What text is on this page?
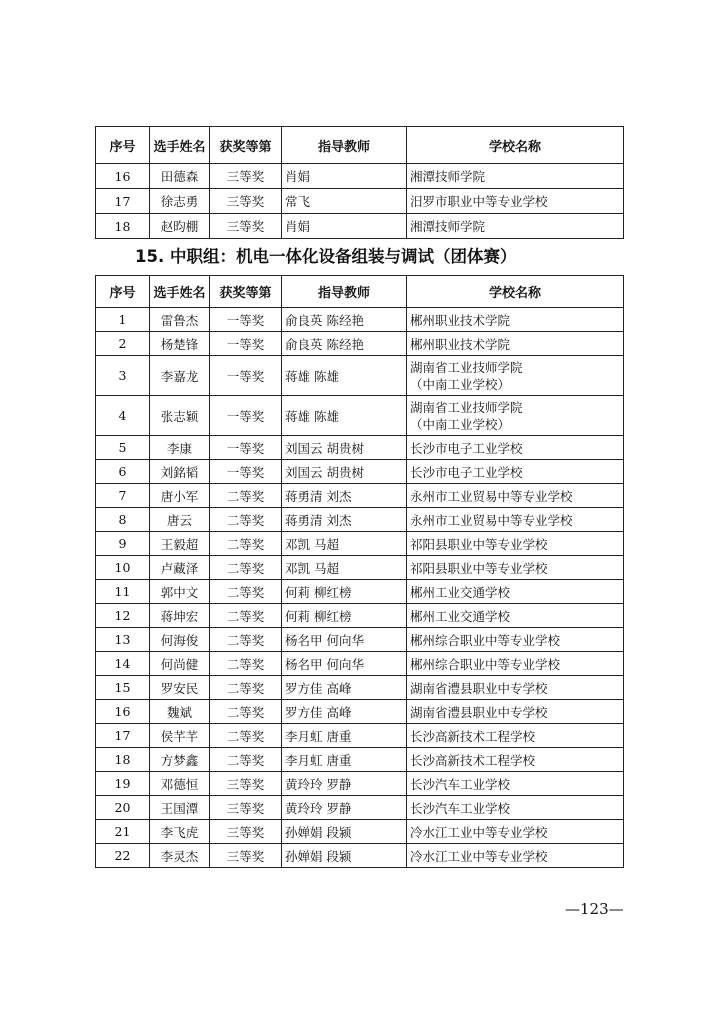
序号	选手姓名	获奖等第	指导教师	学校名称
16	田德森	三等奖	肖娟	湘潭技师学院
17	徐志勇	三等奖	常飞	汨罗市职业中等专业学校
18	赵昀棚	三等奖	肖娟	湘潭技师学院
15. 中职组：机电一体化设备组装与调试（团体赛）
序号	选手姓名	获奖等第	指导教师	学校名称
1	雷鲁杰	一等奖	俞良英 陈经艳	郴州职业技术学院
2	杨楚锋	一等奖	俞良英 陈经艳	郴州职业技术学院
3	李嘉龙	一等奖	蒋雄 陈雄	湖南省工业技师学院
（中南工业学校）
4	张志颖	一等奖	蒋雄 陈雄	湖南省工业技师学院
（中南工业学校）
5	李康	一等奖	刘国云 胡贵树	长沙市电子工业学校
6	刘銘韬	一等奖	刘国云 胡贵树	长沙市电子工业学校
7	唐小军	二等奖	蒋勇清 刘杰	永州市工业贸易中等专业学校
8	唐云	二等奖	蒋勇清 刘杰	永州市工业贸易中等专业学校
9	王毅超	二等奖	邓凯 马超	祁阳县职业中等专业学校
10	卢藏泽	二等奖	邓凯 马超	祁阳县职业中等专业学校
11	郭中文	二等奖	何莉 柳红榜	郴州工业交通学校
12	蒋坤宏	二等奖	何莉 柳红榜	郴州工业交通学校
13	何海俊	二等奖	杨名甲 何向华	郴州综合职业中等专业学校
14	何尚健	二等奖	杨名甲 何向华	郴州综合职业中等专业学校
15	罗安民	二等奖	罗方佳 高峰	湖南省澧县职业中专学校
16	魏斌	二等奖	罗方佳 高峰	湖南省澧县职业中专学校
17	侯芊芊	二等奖	李月虹 唐重	长沙高新技术工程学校
18	方梦鑫	二等奖	李月虹 唐重	长沙高新技术工程学校
19	邓德恒	三等奖	黄玲玲 罗静	长沙汽车工业学校
20	王国潭	三等奖	黄玲玲 罗静	长沙汽车工业学校
21	李飞虎	三等奖	孙婵娟 段颍	冷水江工业中等专业学校
22	李灵杰	三等奖	孙婵娟 段颍	冷水江工业中等专业学校
—123—
